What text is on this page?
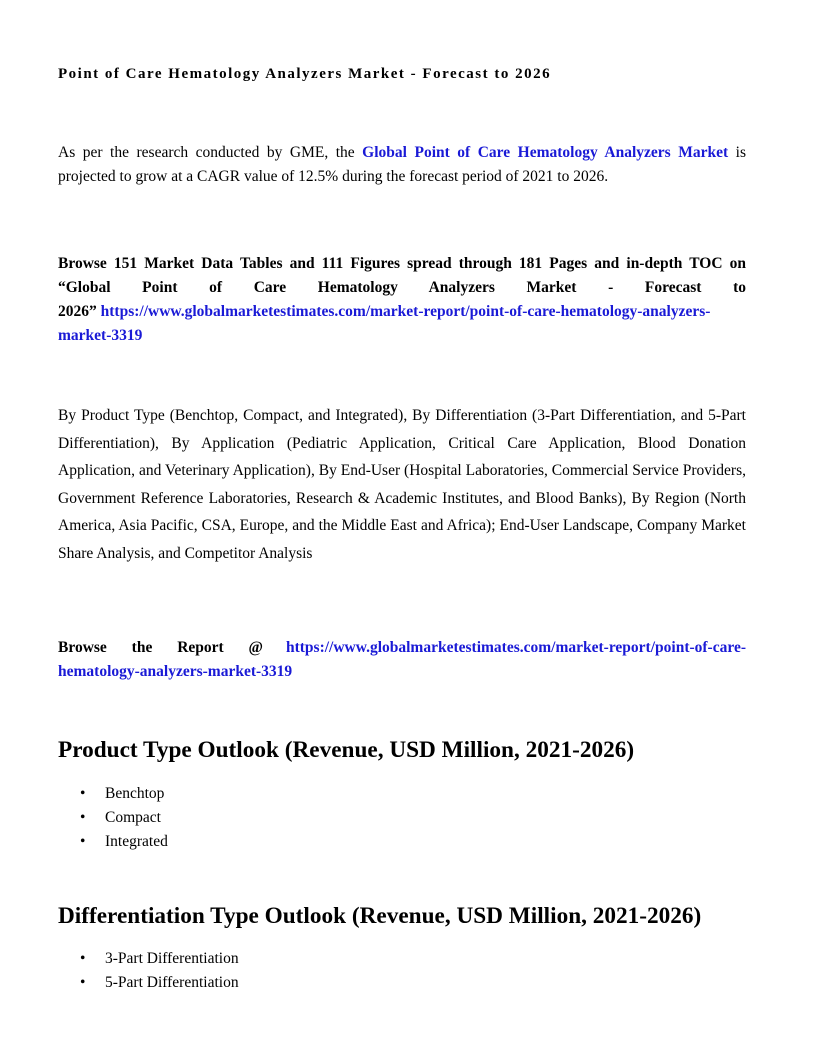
Point of Care Hematology Analyzers Market - Forecast to 2026

As per the research conducted by GME, the Global Point of Care Hematology Analyzers Market is projected to grow at a CAGR value of 12.5% during the forecast period of 2021 to 2026.

Browse 151 Market Data Tables and 111 Figures spread through 181 Pages and in-depth TOC on
“Global Point of Care Hematology Analyzers Market - Forecast to
2026” https://www.globalmarketestimates.com/market-report/point-of-care-hematology-analyzers-
market-3319

By Product Type (Benchtop, Compact, and Integrated), By Differentiation (3-Part Differentiation, and 5-Part Differentiation), By Application (Pediatric Application, Critical Care Application, Blood Donation Application, and Veterinary Application), By End-User (Hospital Laboratories, Commercial Service Providers, Government Reference Laboratories, Research & Academic Institutes, and Blood Banks), By Region (North America, Asia Pacific, CSA, Europe, and the Middle East and Africa); End-User Landscape, Company Market Share Analysis, and Competitor Analysis

Browse the Report @ https://www.globalmarketestimates.com/market-report/point-of-care-
hematology-analyzers-market-3319
Product Type Outlook (Revenue, USD Million, 2021-2026)
• Benchtop
• Compact
• Integrated
Differentiation Type Outlook (Revenue, USD Million, 2021-2026)
• 3-Part Differentiation
• 5-Part Differentiation
